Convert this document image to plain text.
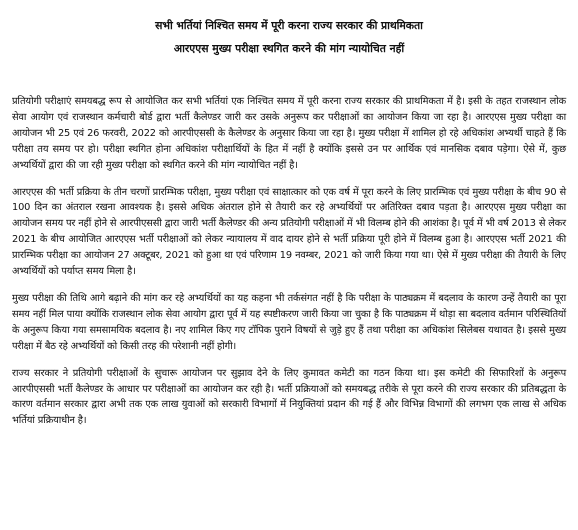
सभी भर्तियां निश्चित समय में पूरी करना राज्य सरकार की प्राथमिकता

आरएएस मुख्य परीक्षा स्थगित करने की मांग न्यायोचित नहीं

प्रतियोगी परीक्षाएं समयबद्ध रूप से आयोजित कर सभी भर्तियां एक निश्चित समय में पूरी करना राज्य सरकार की प्राथमिकता में है। इसी के तहत राजस्थान लोक सेवा आयोग एवं राजस्थान कर्मचारी बोर्ड द्वारा भर्ती कैलेण्डर जारी कर उसके अनुरूप कर परीक्षाओं का आयोजन किया जा रहा है। आरएएस मुख्य परीक्षा का आयोजन भी 25 एवं 26 फरवरी, 2022 को आरपीएससी के कैलेण्डर के अनुसार किया जा रहा है। मुख्य परीक्षा में शामिल हो रहे अधिकांश अभ्यर्थी चाहते हैं कि परीक्षा तय समय पर हो। परीक्षा स्थगित होना अधिकांश परीक्षार्थियों के हित में नहीं है क्योंकि इससे उन पर आर्थिक एवं मानसिक दबाव पड़ेगा। ऐसे में, कुछ अभ्यर्थियों द्वारा की जा रही मुख्य परीक्षा को स्थगित करने की मांग न्यायोचित नहीं है।

आरएएस की भर्ती प्रक्रिया के तीन चरणों प्रारम्भिक परीक्षा, मुख्य परीक्षा एवं साक्षात्कार को एक वर्ष में पूरा करने के लिए प्रारम्भिक एवं मुख्य परीक्षा के बीच 90 से 100 दिन का अंतराल रखना आवश्यक है। इससे अधिक अंतराल होने से तैयारी कर रहे अभ्यर्थियों पर अतिरिक्त दबाव पड़ता है। आरएएस मुख्य परीक्षा का आयोजन समय पर नहीं होने से आरपीएससी द्वारा जारी भर्ती कैलेण्डर की अन्य प्रतियोगी परीक्षाओं में भी विलम्ब होने की आशंका है। पूर्व में भी वर्ष 2013 से लेकर 2021 के बीच आयोजित आरएएस भर्ती परीक्षाओं को लेकर न्यायालय में वाद दायर होने से भर्ती प्रक्रिया पूरी होने में विलम्ब हुआ है। आरएएस भर्ती 2021 की प्रारम्भिक परीक्षा का आयोजन 27 अक्टूबर, 2021 को हुआ था एवं परिणाम 19 नवम्बर, 2021 को जारी किया गया था। ऐसे में मुख्य परीक्षा की तैयारी के लिए अभ्यर्थियों को पर्याप्त समय मिला है।

मुख्य परीक्षा की तिथि आगे बढ़ाने की मांग कर रहे अभ्यर्थियों का यह कहना भी तर्कसंगत नहीं है कि परीक्षा के पाठ्यक्रम में बदलाव के कारण उन्हें तैयारी का पूरा समय नहीं मिल पाया क्योंकि राजस्थान लोक सेवा आयोग द्वारा पूर्व में यह स्पष्टीकरण जारी किया जा चुका है कि पाठ्यक्रम में थोड़ा सा बदलाव वर्तमान परिस्थितियों के अनुरूप किया गया समसामयिक बदलाव है। नए शामिल किए गए टॉपिक पुराने विषयों से जुड़े हुए हैं तथा परीक्षा का अधिकांश सिलेबस यथावत है। इससे मुख्य परीक्षा में बैठ रहे अभ्यर्थियों को किसी तरह की परेशानी नहीं होगी।

राज्य सरकार ने प्रतियोगी परीक्षाओं के सुचारू आयोजन पर सुझाव देने के लिए कुमावत कमेटी का गठन किया था। इस कमेटी की सिफारिशों के अनुरूप आरपीएससी भर्ती कैलेण्डर के आधार पर परीक्षाओं का आयोजन कर रही है। भर्ती प्रक्रियाओं को समयबद्ध तरीके से पूरा करने की राज्य सरकार की प्रतिबद्धता के कारण वर्तमान सरकार द्वारा अभी तक एक लाख युवाओं को सरकारी विभागों में नियुक्तियां प्रदान की गई हैं और विभिन्न विभागों की लगभग एक लाख से अधिक भर्तियां प्रक्रियाधीन है।
